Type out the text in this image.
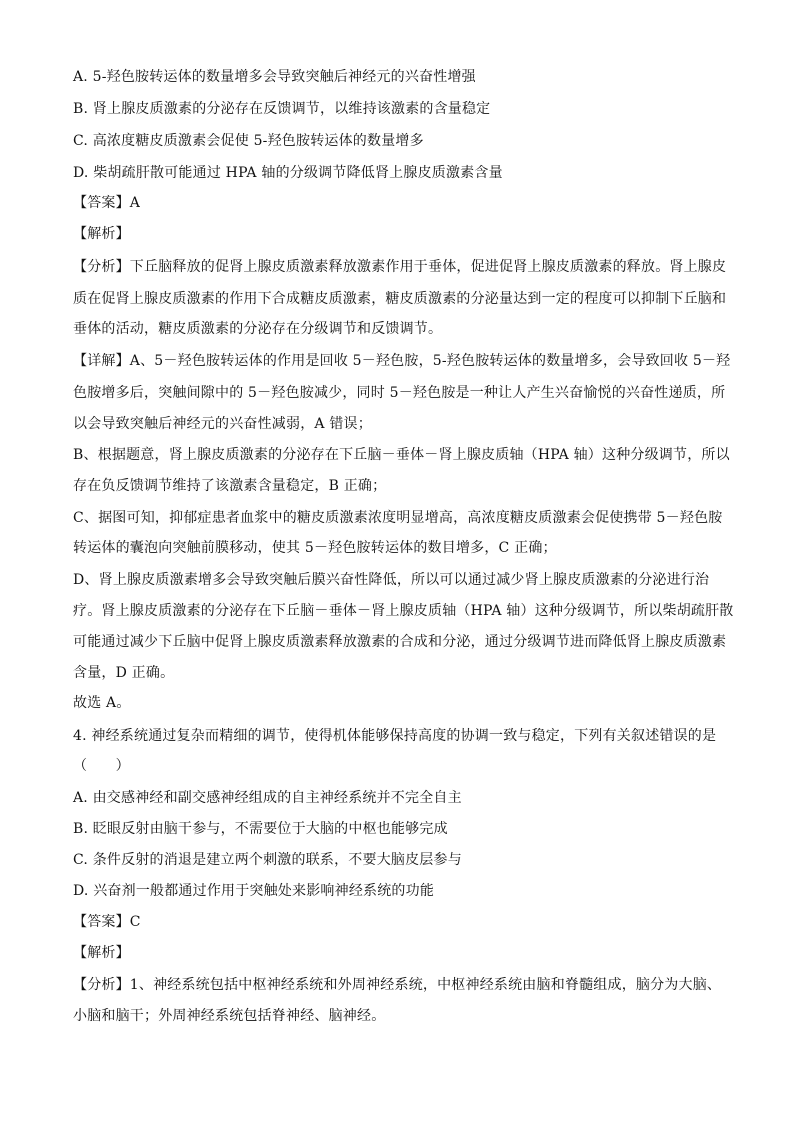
A. 5-羟色胺转运体的数量增多会导致突触后神经元的兴奋性增强
B. 肾上腺皮质激素的分泌存在反馈调节，以维持该激素的含量稳定
C. 高浓度糖皮质激素会促使 5-羟色胺转运体的数量增多
D. 柴胡疏肝散可能通过 HPA 轴的分级调节降低肾上腺皮质激素含量
【答案】A
【解析】
【分析】下丘脑释放的促肾上腺皮质激素释放激素作用于垂体，促进促肾上腺皮质激素的释放。肾上腺皮
质在促肾上腺皮质激素的作用下合成糖皮质激素，糖皮质激素的分泌量达到一定的程度可以抑制下丘脑和
垂体的活动，糖皮质激素的分泌存在分级调节和反馈调节。
【详解】A、5－羟色胺转运体的作用是回收 5－羟色胺，5-羟色胺转运体的数量增多，会导致回收 5－羟
色胺增多后，突触间隙中的 5－羟色胺减少，同时 5－羟色胺是一种让人产生兴奋愉悦的兴奋性递质，所
以会导致突触后神经元的兴奋性减弱，A 错误；
B、根据题意，肾上腺皮质激素的分泌存在下丘脑－垂体－肾上腺皮质轴（HPA 轴）这种分级调节，所以
存在负反馈调节维持了该激素含量稳定，B 正确；
C、据图可知，抑郁症患者血浆中的糖皮质激素浓度明显增高，高浓度糖皮质激素会促使携带 5－羟色胺
转运体的囊泡向突触前膜移动，使其 5－羟色胺转运体的数目增多，C 正确；
D、肾上腺皮质激素增多会导致突触后膜兴奋性降低，所以可以通过减少肾上腺皮质激素的分泌进行治
疗。肾上腺皮质激素的分泌存在下丘脑－垂体－肾上腺皮质轴（HPA 轴）这种分级调节，所以柴胡疏肝散
可能通过减少下丘脑中促肾上腺皮质激素释放激素的合成和分泌，通过分级调节进而降低肾上腺皮质激素
含量，D 正确。
故选 A。
4. 神经系统通过复杂而精细的调节，使得机体能够保持高度的协调一致与稳定，下列有关叙述错误的是
（　　）
A. 由交感神经和副交感神经组成的自主神经系统并不完全自主
B. 眨眼反射由脑干参与，不需要位于大脑的中枢也能够完成
C. 条件反射的消退是建立两个刺激的联系，不要大脑皮层参与
D. 兴奋剂一般都通过作用于突触处来影响神经系统的功能
【答案】C
【解析】
【分析】1、神经系统包括中枢神经系统和外周神经系统，中枢神经系统由脑和脊髓组成，脑分为大脑、
小脑和脑干；外周神经系统包括脊神经、脑神经。
